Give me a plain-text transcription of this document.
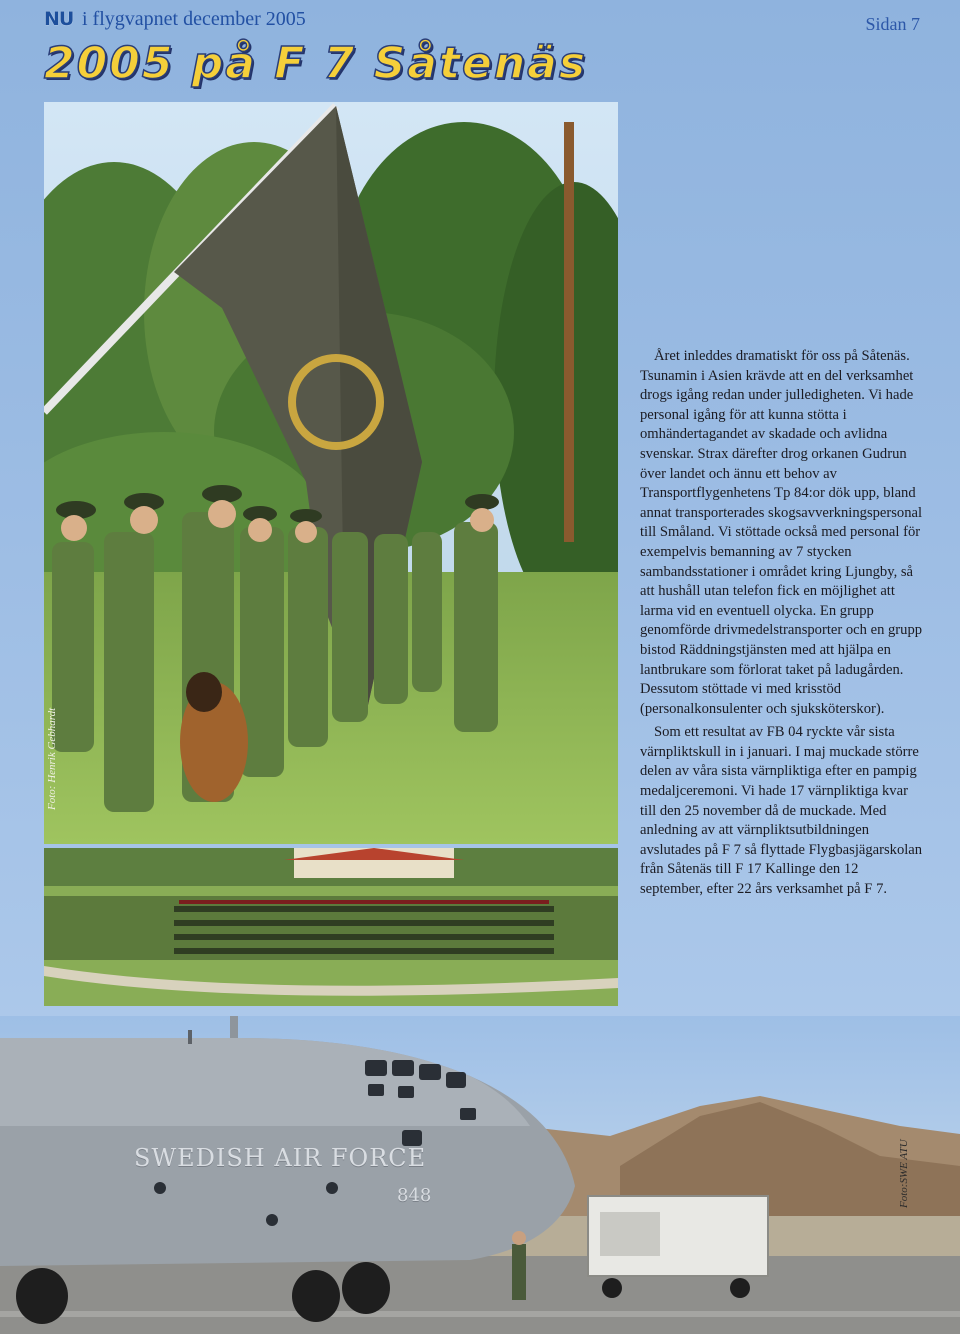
NU i flygvapnet december 2005	Sidan 7
2005 på F 7 Såtenäs
Foto: Henrik Gebhardt

Året inleddes dramatiskt för oss på Såtenäs. Tsunamin i Asien krävde att en del verksamhet drogs igång redan under julledigheten. Vi hade personal igång för att kunna stötta i omhändertagandet av skadade och avlidna svenskar. Strax därefter drog orkanen Gudrun över landet och ännu ett behov av Transportflygenhetens Tp 84:or dök upp, bland annat transporterades skogsavverkningspersonal till Småland. Vi stöttade också med personal för exempelvis bemanning av 7 stycken sambandsstationer i området kring Ljungby, så att hushåll utan telefon fick en möjlighet att larma vid en eventuell olycka. En grupp genomförde drivmedelstransporter och en grupp bistod Räddningstjänsten med att hjälpa en lantbrukare som förlorat taket på ladugården. Dessutom stöttade vi med krisstöd (personalkonsulenter och sjuksköterskor).

Som ett resultat av FB 04 ryckte vår sista värnpliktskull in i januari. I maj muckade större delen av våra sista värnpliktiga efter en pampig medaljceremoni. Vi hade 17 värnpliktiga kvar till den 25 november då de muckade. Med anledning av att värnpliktsutbildningen avslutades på F 7 så flyttade Flygbasjägarskolan från Såtenäs till F 17 Kallinge den 12 september, efter 22 års verksamhet på F 7.

SWEDISH AIR FORCE
848	Foto:SWE ATU
